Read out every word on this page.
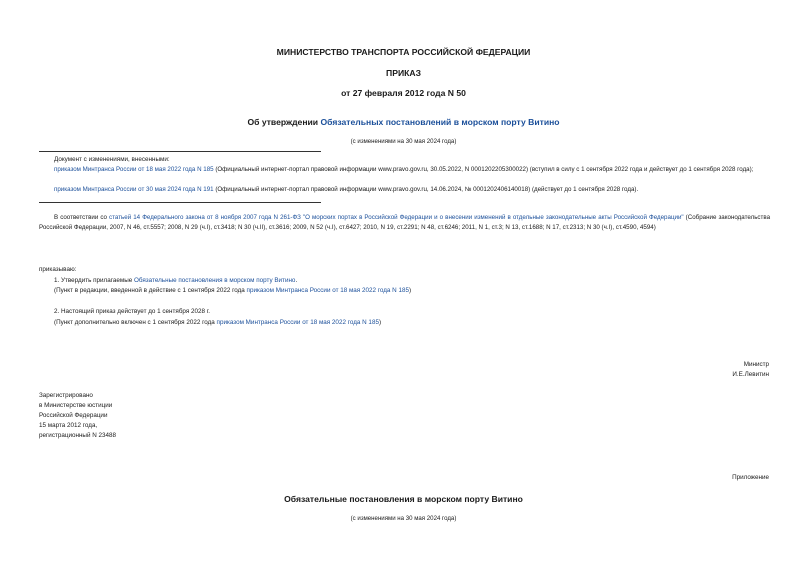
МИНИСТЕРСТВО ТРАНСПОРТА РОССИЙСКОЙ ФЕДЕРАЦИИ
ПРИКАЗ
от 27 февраля 2012 года N 50
Об утверждении Обязательных постановлений в морском порту Витино
(с изменениями на 30 мая 2024 года)
Документ с изменениями, внесенными:
приказом Минтранса России от 18 мая 2022 года N 185 (Официальный интернет-портал правовой информации www.pravo.gov.ru, 30.05.2022, N 0001202205300022) (вступил в силу с 1 сентября 2022 года и действует до 1 сентября 2028 года);
приказом Минтранса России от 30 мая 2024 года N 191 (Официальный интернет-портал правовой информации www.pravo.gov.ru, 14.06.2024, № 0001202406140018) (действует до 1 сентября 2028 года).
В соответствии со статьей 14 Федерального закона от 8 ноября 2007 года N 261-ФЗ "О морских портах в Российской Федерации и о внесении изменений в отдельные законодательные акты Российской Федерации" (Собрание законодательства Российской Федерации, 2007, N 46, ст.5557; 2008, N 29 (ч.I), ст.3418; N 30 (ч.II), ст.3616; 2009, N 52 (ч.I), ст.6427; 2010, N 19, ст.2291; N 48, ст.6246; 2011, N 1, ст.3; N 13, ст.1688; N 17, ст.2313; N 30 (ч.I), ст.4590, 4594)
приказываю:
1. Утвердить прилагаемые Обязательные постановления в морском порту Витино.
(Пункт в редакции, введенной в действие с 1 сентября 2022 года приказом Минтранса России от 18 мая 2022 года N 185)
2. Настоящий приказ действует до 1 сентября 2028 г.
(Пункт дополнительно включен с 1 сентября 2022 года приказом Минтранса России от 18 мая 2022 года N 185)
Министр
И.Е.Левитин
Зарегистрировано
в Министерстве юстиции
Российской Федерации
15 марта 2012 года,
регистрационный N 23488
Приложение
Обязательные постановления в морском порту Витино
(с изменениями на 30 мая 2024 года)
